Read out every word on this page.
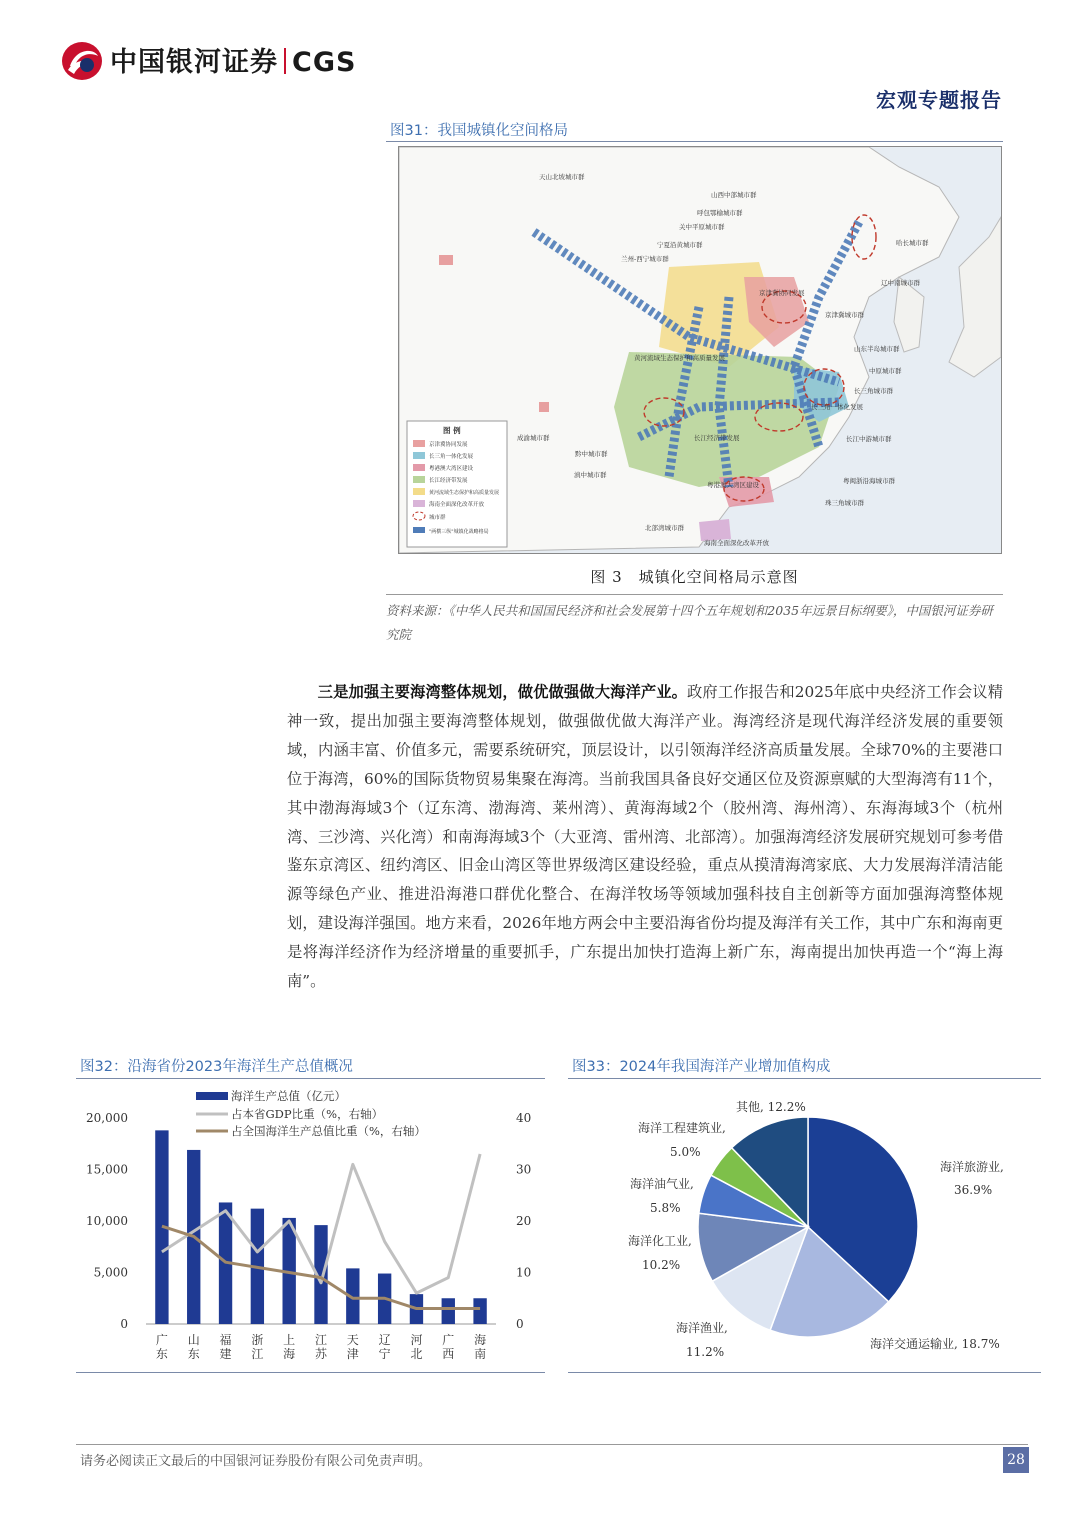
中国银河证券 CGS
宏观专题报告
图31：我国城镇化空间格局
天山北坡城市群
山西中部城市群
呼包鄂榆城市群
关中平原城市群
宁夏沿黄城市群
兰州-西宁城市群
哈长城市群
辽中南城市群
京津冀协同发展
京津冀城市群
山东半岛城市群
中原城市群
黄河流域生态保护和高质量发展
长三角城市群
长三角一体化发展
长江中游城市群
长江经济带发展
成渝城市群
黔中城市群
滇中城市群
粤闽浙沿海城市群
粤港澳大湾区建设
珠三角城市群
北部湾城市群
海南全面深化改革开放
图 例
京津冀协同发展
长三角一体化发展
粤港澳大湾区建设
长江经济带发展
黄河流域生态保护和高质量发展
海南全面深化改革开放
城市群
"两横三纵"城镇化战略格局
图 3　城镇化空间格局示意图
资料来源：《中华人民共和国国民经济和社会发展第十四个五年规划和2035年远景目标纲要》，中国银河证券研究院
  三是加强主要海湾整体规划，做优做强做大海洋产业。政府工作报告和2025年底中央经济工作会议精神一致，提出加强主要海湾整体规划，做强做优做大海洋产业。海湾经济是现代海洋经济发展的重要领域，内涵丰富、价值多元，需要系统研究，顶层设计，以引领海洋经济高质量发展。全球70%的主要港口位于海湾，60%的国际货物贸易集聚在海湾。当前我国具备良好交通区位及资源禀赋的大型海湾有11个，其中渤海海域3个（辽东湾、渤海湾、莱州湾）、黄海海域2个（胶州湾、海州湾）、东海海域3个（杭州湾、三沙湾、兴化湾）和南海海域3个（大亚湾、雷州湾、北部湾）。加强海湾经济发展研究规划可参考借鉴东京湾区、纽约湾区、旧金山湾区等世界级湾区建设经验，重点从摸清海湾家底、大力发展海洋清洁能源等绿色产业、推进沿海港口群优化整合、在海洋牧场等领域加强科技自主创新等方面加强海湾整体规划，建设海洋强国。地方来看，2026年地方两会中主要沿海省份均提及海洋有关工作，其中广东和海南更是将海洋经济作为经济增量的重要抓手，广东提出加快打造海上新广东，海南提出加快再造一个“海上海南”。
图32：沿海省份2023年海洋生产总值概况
0
5,000
10,000
15,000
20,000
0
10
20
30
40
广
东
山
东
福
建
浙
江
上
海
江
苏
天
津
辽
宁
河
北
广
西
海
南
海洋生产总值（亿元）
占本省GDP比重（%，右轴）
占全国海洋生产总值比重（%，右轴）
图33：2024年我国海洋产业增加值构成
海洋旅游业,
36.9%
海洋交通运输业, 18.7%
海洋渔业,
11.2%
海洋化工业,
10.2%
海洋油气业,
5.8%
海洋工程建筑业,
5.0%
其他, 12.2%
请务必阅读正文最后的中国银河证券股份有限公司免责声明。	28
